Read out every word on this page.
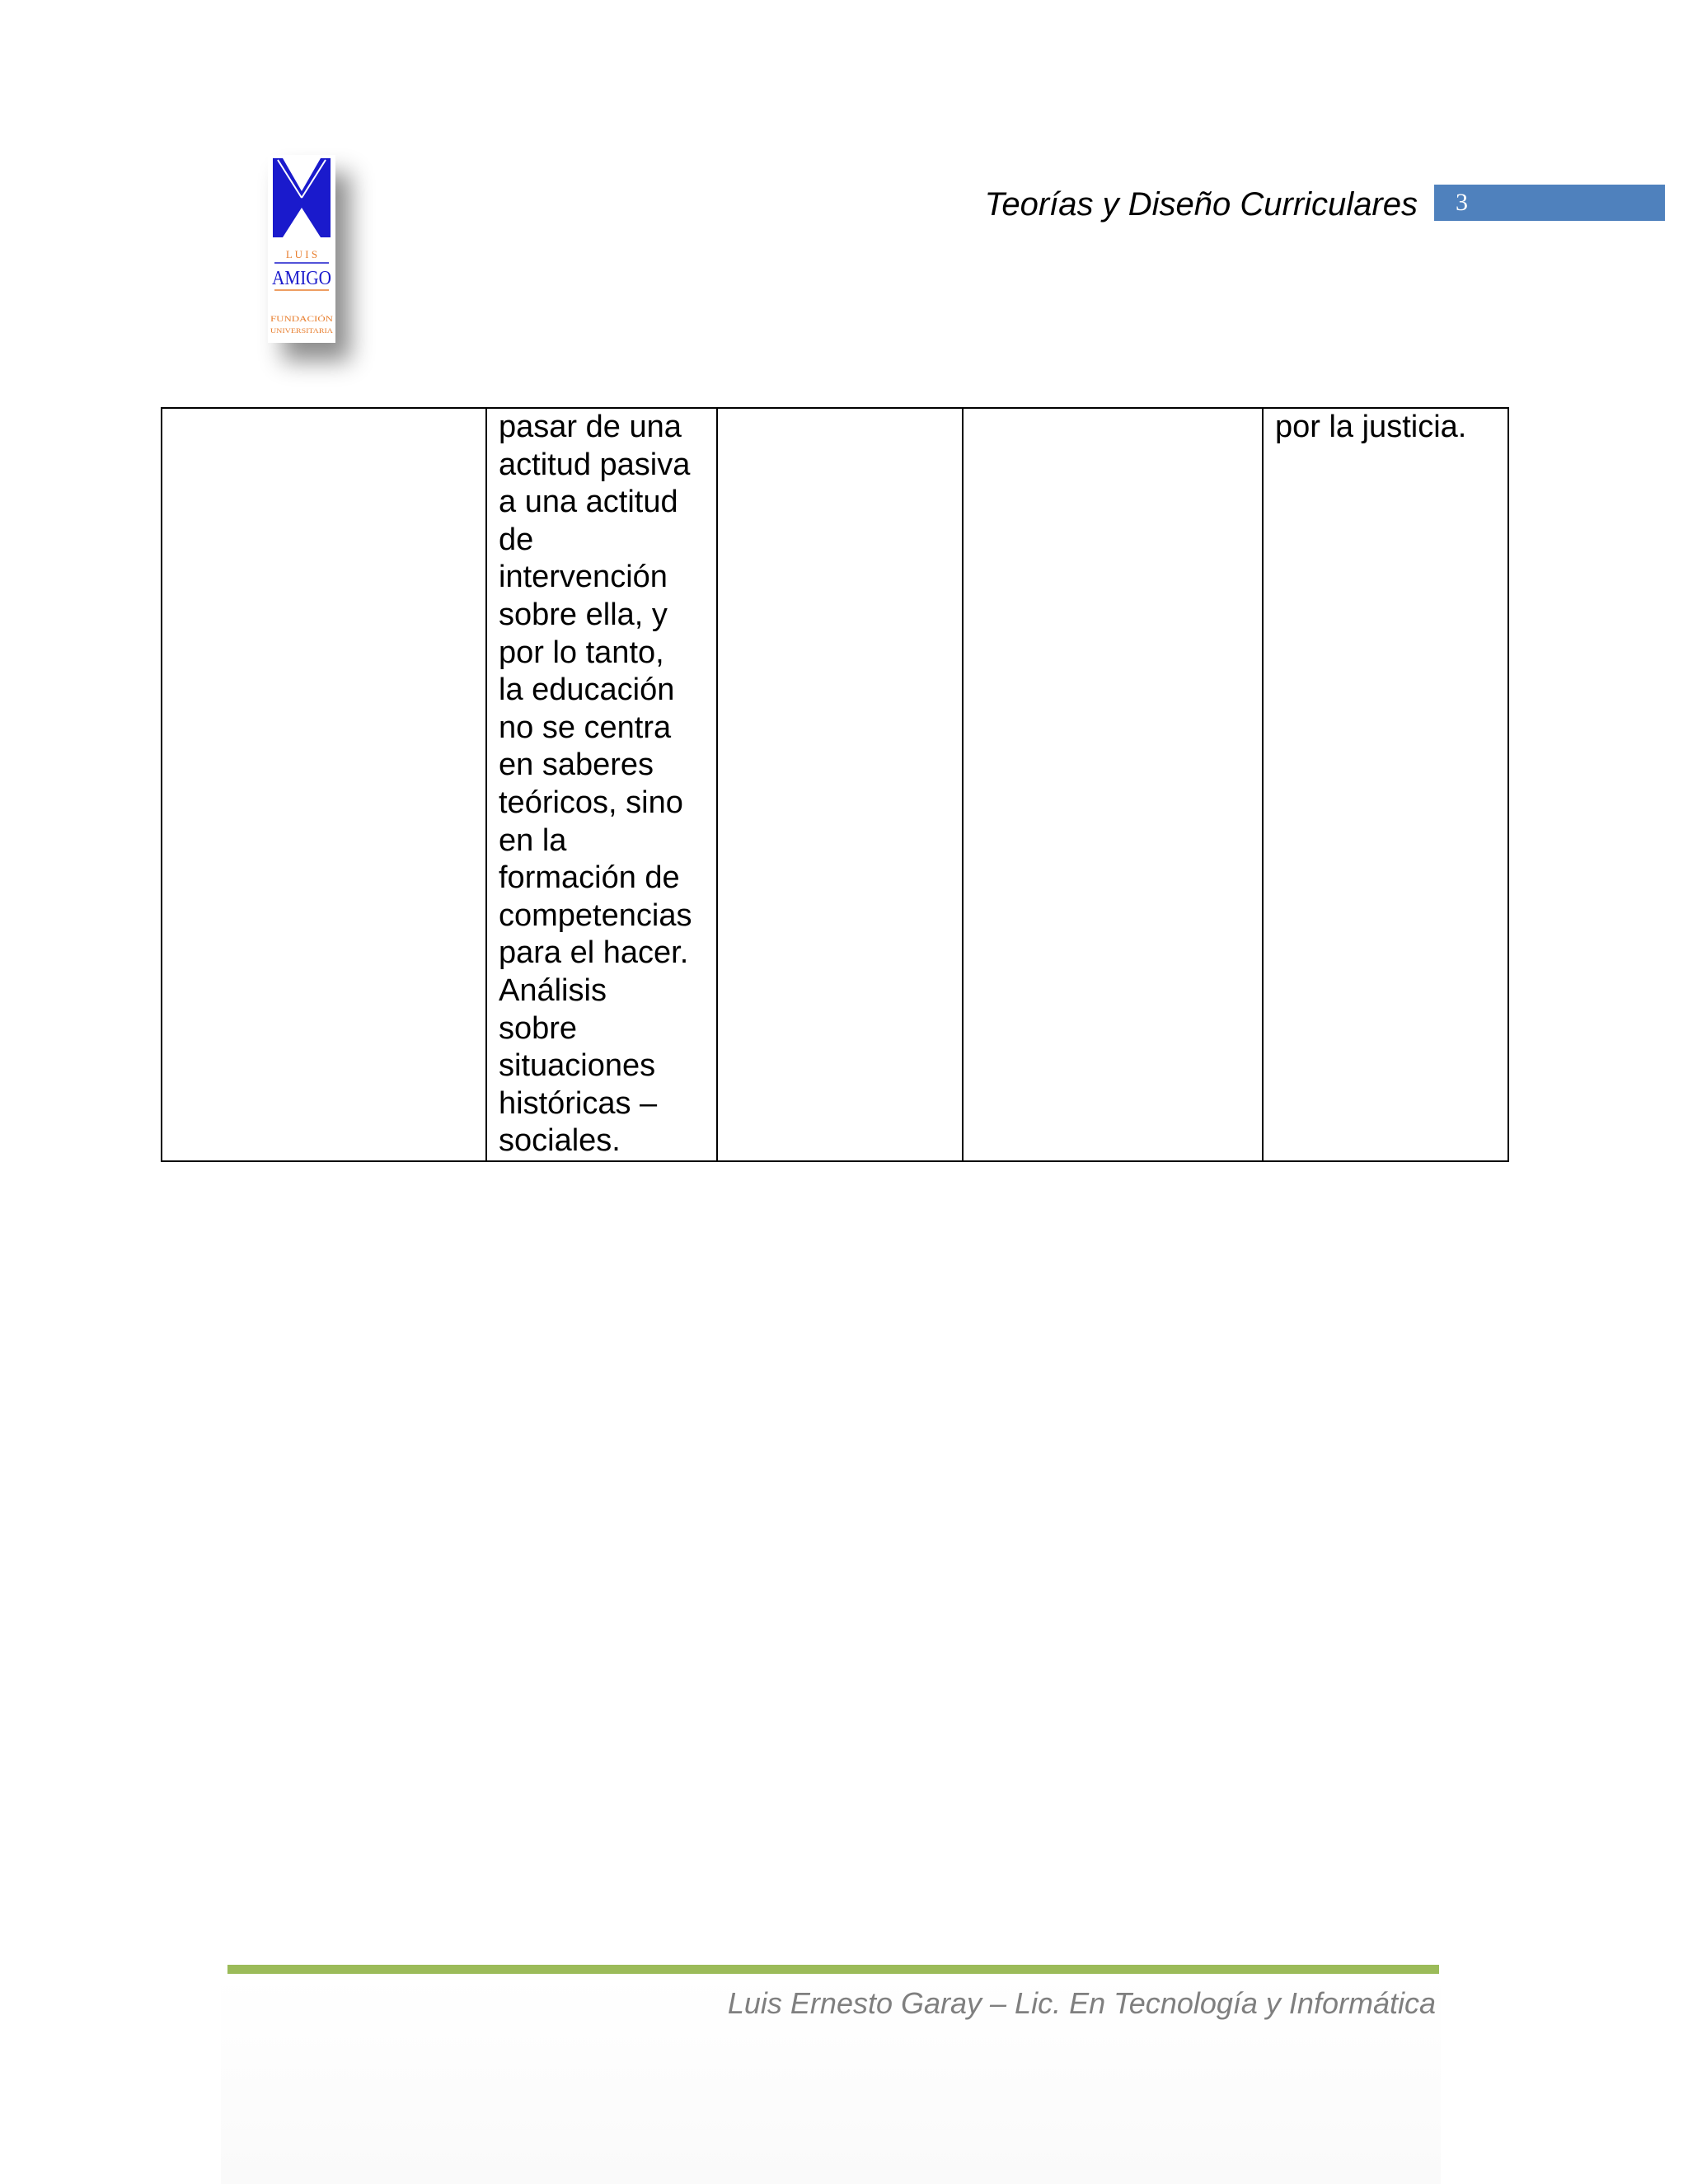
L U I S
AMIGO
FUNDACIÓN
UNIVERSITARIA
Teorías y Diseño Curriculares	3
	pasar de una
actitud pasiva
a una actitud
de
intervención
sobre ella, y
por lo tanto,
la educación
no se centra
en saberes
teóricos, sino
en la
formación de
competencias
para el hacer.
Análisis
sobre
situaciones
históricas –
sociales.			por la justicia.
Luis Ernesto Garay – Lic. En Tecnología y Informática
